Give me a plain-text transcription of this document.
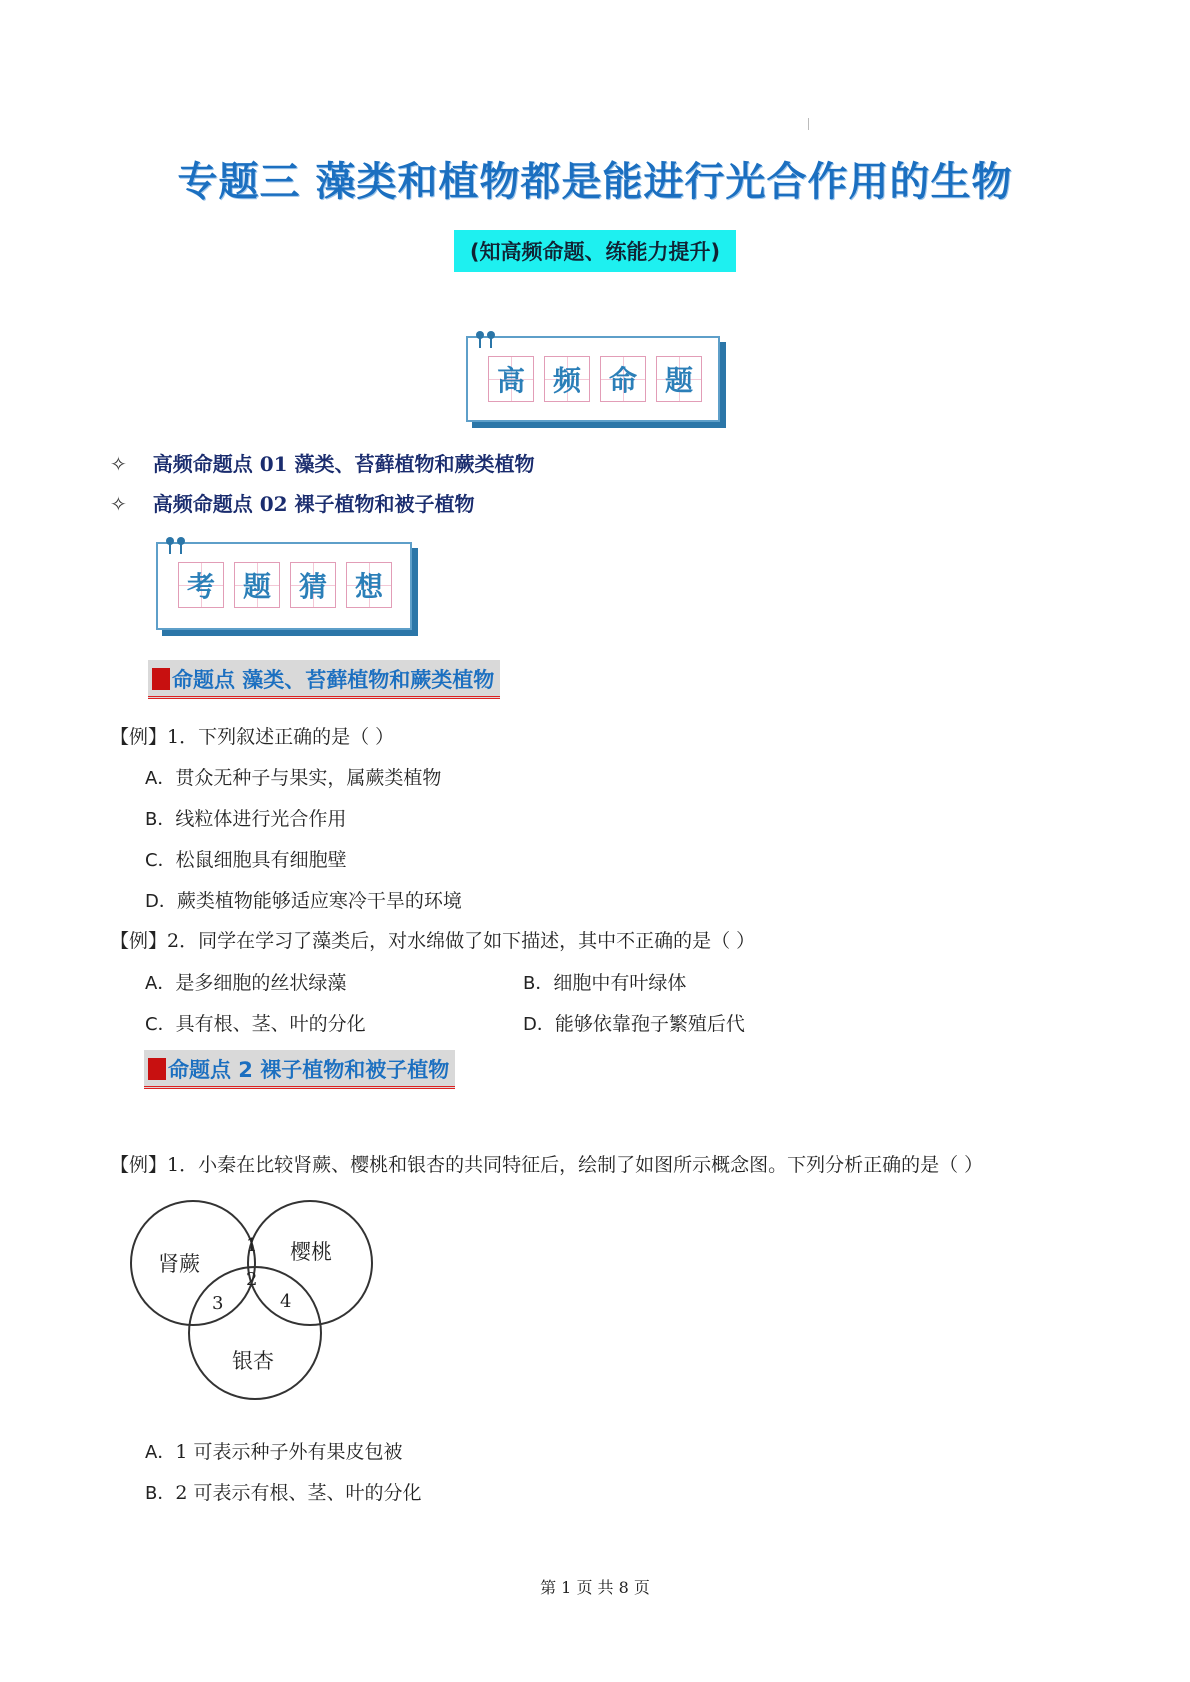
专题三 藻类和植物都是能进行光合作用的生物
(知高频命题、练能力提升)
高 频 命 题
✧ 高频命题点 01 藻类、苔藓植物和蕨类植物
✧ 高频命题点 02 裸子植物和被子植物
考 题 猜 想
命题点 藻类、苔藓植物和蕨类植物
【例】1．下列叙述正确的是（ ）
A．贯众无种子与果实，属蕨类植物
B．线粒体进行光合作用
C．松鼠细胞具有细胞壁
D．蕨类植物能够适应寒冷干旱的环境
【例】2．同学在学习了藻类后，对水绵做了如下描述，其中不正确的是（ ）
A．是多细胞的丝状绿藻	B．细胞中有叶绿体
C．具有根、茎、叶的分化	D．能够依靠孢子繁殖后代
命题点 2 裸子植物和被子植物
【例】1．小秦在比较肾蕨、樱桃和银杏的共同特征后，绘制了如图所示概念图。下列分析正确的是（ ）
肾蕨	樱桃
银杏
1
2
3	4
A．1 可表示种子外有果皮包被
B．2 可表示有根、茎、叶的分化
第 1 页 共 8 页
